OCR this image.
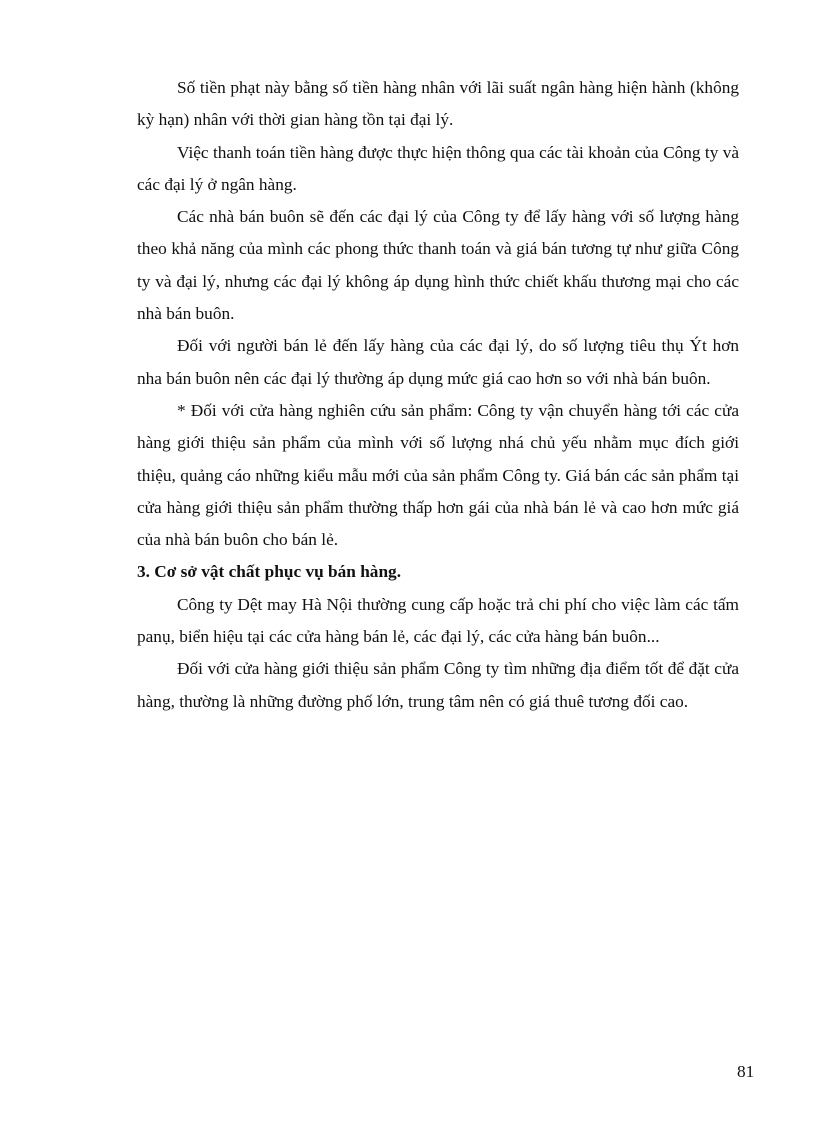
Số tiền phạt này bằng số tiền hàng nhân với lãi suất ngân hàng hiện hành (không kỳ hạn) nhân với thời gian hàng tồn tại đại lý.

Việc thanh toán tiền hàng được thực hiện thông qua các tài khoản của Công ty và các đại lý ở ngân hàng.

Các nhà bán buôn sẽ đến các đại lý của Công ty để lấy hàng với số lượng hàng theo khả năng của mình các phong thức thanh toán và giá bán tương tự như giữa Công ty và đại lý, nhưng các đại lý không áp dụng hình thức chiết khấu thương mại cho các nhà bán buôn.

Đối với người bán lẻ đến lấy hàng của các đại lý, do số lượng tiêu thụ Ýt hơn nha bán buôn nên các đại lý thường áp dụng mức giá cao hơn so với nhà bán buôn.

* Đối với cửa hàng nghiên cứu sản phẩm: Công ty vận chuyển hàng tới các cửa hàng giới thiệu sản phẩm của mình với số lượng nhá chủ yếu nhằm mục đích giới thiệu, quảng cáo những kiểu mẫu mới của sản phẩm Công ty. Giá bán các sản phẩm tại cửa hàng giới thiệu sản phẩm thường thấp hơn gái của nhà bán lẻ và cao hơn mức giá của nhà bán buôn cho bán lẻ.

3. Cơ sở vật chất phục vụ bán hàng.

Công ty Dệt may Hà Nội thường cung cấp hoặc trả chi phí cho việc làm các tấm panụ, biển hiệu tại các cửa hàng bán lẻ, các đại lý, các cửa hàng bán buôn...

Đối với cửa hàng giới thiệu sản phẩm Công ty tìm những địa điểm tốt để đặt cửa hàng, thường là những đường phố lớn, trung tâm nên có giá thuê tương đối cao.

81
